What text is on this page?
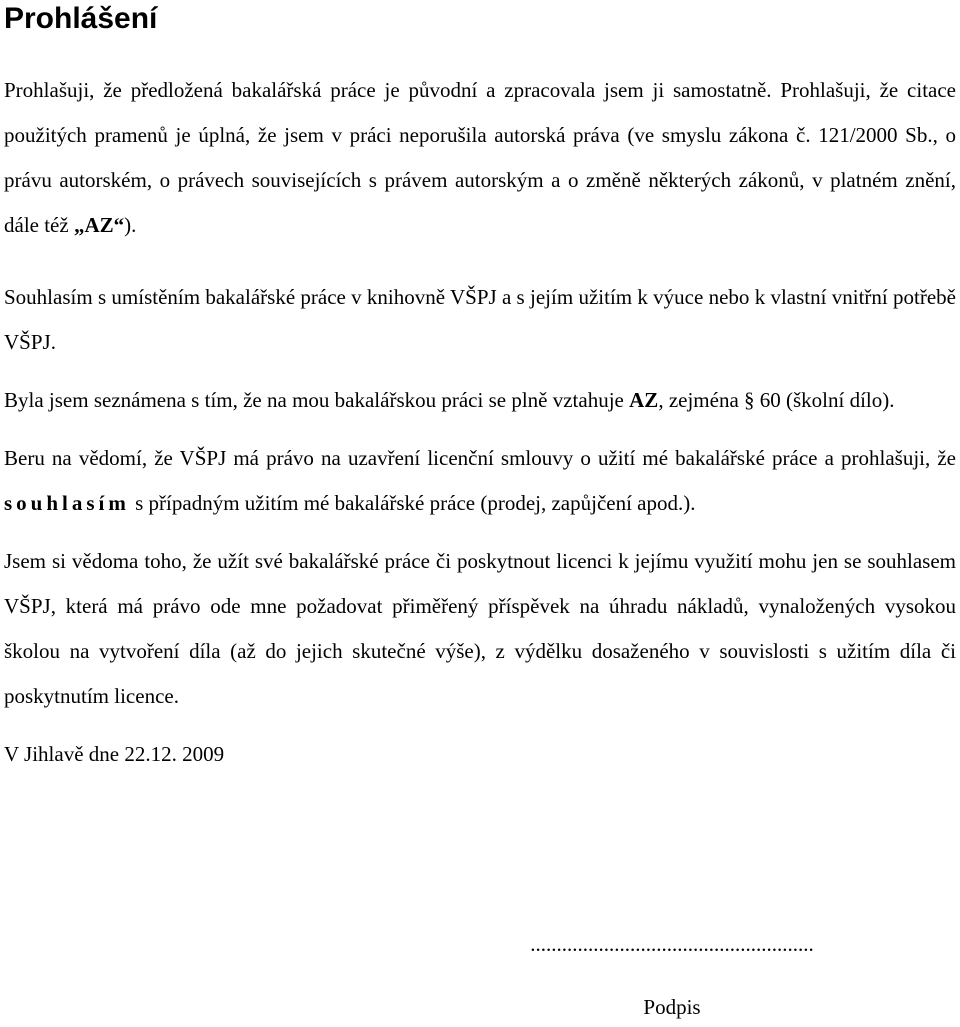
Prohlášení

Prohlašuji, že předložená bakalářská práce je původní a zpracovala jsem ji samostatně. Prohlašuji, že citace použitých pramenů je úplná, že jsem v práci neporušila autorská práva (ve smyslu zákona č. 121/2000 Sb., o právu autorském, o právech souvisejících s právem autorským a o změně některých zákonů, v platném znění, dále též „AZ“).

Souhlasím s umístěním bakalářské práce v knihovně VŠPJ a s jejím užitím k výuce nebo k vlastní vnitřní potřebě VŠPJ.

Byla jsem seznámena s tím, že na mou bakalářskou práci se plně vztahuje AZ, zejména § 60 (školní dílo).

Beru na vědomí, že VŠPJ má právo na uzavření licenční smlouvy o užití mé bakalářské práce a prohlašuji, že souhlasím s případným užitím mé bakalářské práce (prodej, zapůjčení apod.).

Jsem si vědoma toho, že užít své bakalářské práce či poskytnout licenci k jejímu využití mohu jen se souhlasem VŠPJ, která má právo ode mne požadovat přiměřený příspěvek na úhradu nákladů, vynaložených vysokou školou na vytvoření díla (až do jejich skutečné výše), z výdělku dosaženého v souvislosti s užitím díla či poskytnutím licence.

V Jihlavě dne 22.12. 2009
......................................................
Podpis
